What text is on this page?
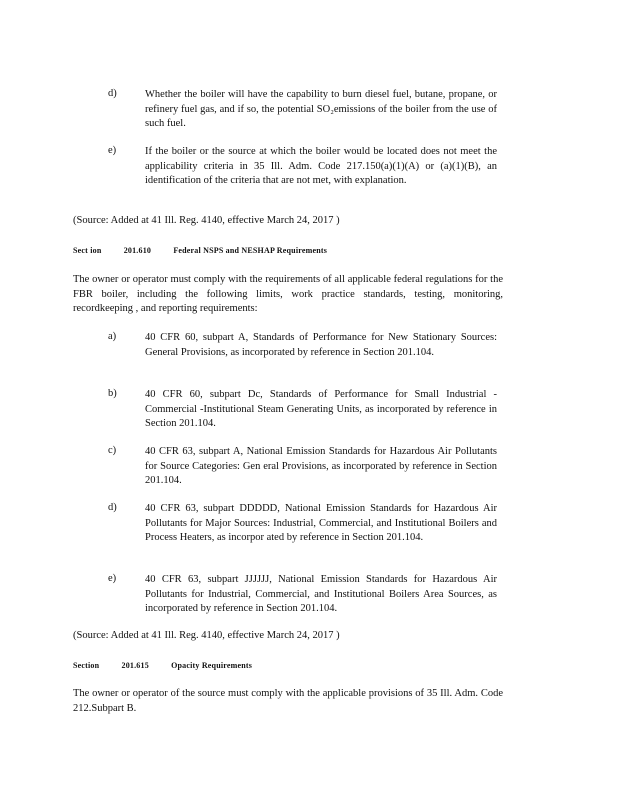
d)	Whether the boiler will have the capability to burn diesel fuel, butane, propane, or refinery fuel gas, and if so, the potential SO₂emissions of the boiler from the use of such fuel.
e)	If the boiler or the source at which the boiler would be located does not meet the applicability criteria in 35 Ill. Adm. Code 217.150(a)(1)(A) or (a)(1)(B), an identification of the criteria that are not met, with explanation.
(Source: Added at 41 Ill. Reg. 4140, effective March 24, 2017 )
Sect ion	201.610	Federal NSPS and NESHAP Requirements
The owner or operator must comply with the requirements of all applicable federal regulations for the FBR boiler, including the following limits, work practice standards, testing, monitoring, recordkeeping , and reporting requirements:
a)	40 CFR 60, subpart A, Standards of Performance for New Stationary Sources: General Provisions, as incorporated by reference in Section 201.104.
b)	40 CFR 60, subpart Dc, Standards of Performance for Small Industrial - Commercial -Institutional Steam Generating Units, as incorporated by reference in Section 201.104.
c)	40 CFR 63, subpart A, National Emission Standards for Hazardous Air Pollutants for Source Categories: Gen eral Provisions, as incorporated by reference in Section 201.104.
d)	40 CFR 63, subpart DDDDD, National Emission Standards for Hazardous Air Pollutants for Major Sources: Industrial, Commercial, and Institutional Boilers and Process Heaters, as incorpor ated by reference in Section 201.104.
e)	40 CFR 63, subpart JJJJJJ, National Emission Standards for Hazardous Air Pollutants for Industrial, Commercial, and Institutional Boilers Area Sources, as incorporated by reference in Section 201.104.
(Source: Added at 41 Ill. Reg. 4140, effective March 24, 2017 )
Section	201.615	Opacity Requirements
The owner or operator of the source must comply with the applicable provisions of 35 Ill. Adm. Code 212.Subpart B.
